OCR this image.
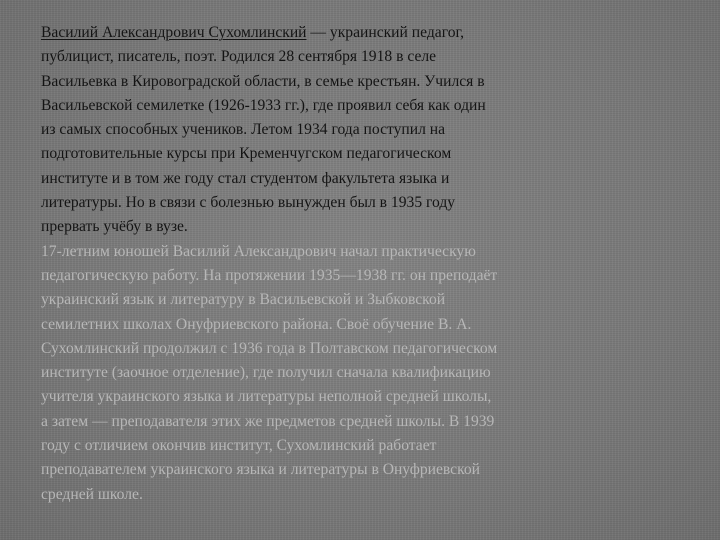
Василий Александрович Сухомлинский — украинский педагог,
публицист, писатель, поэт. Родился 28 сентября 1918 в селе
Васильевка в Кировоградской области, в семье крестьян. Учился в
Васильевской семилетке (1926-1933 гг.), где проявил себя как один
из самых способных учеников. Летом 1934 года поступил на
подготовительные курсы при Кременчугском педагогическом
институте и в том же году стал студентом факультета языка и
литературы. Но в связи с болезнью вынужден был в 1935 году
прервать учёбу в вузе.
17-летним юношей Василий Александрович начал практическую
педагогическую работу. На протяжении 1935—1938 гг. он преподаёт
украинский язык и литературу в Васильевской и Зыбковской
семилетних школах Онуфриевского района. Своё обучение В. А.
Сухомлинский продолжил с 1936 года в Полтавском педагогическом
институте (заочное отделение), где получил сначала квалификацию
учителя украинского языка и литературы неполной средней школы,
а затем — преподавателя этих же предметов средней школы. В 1939
году с отличием окончив институт, Сухомлинский работает
преподавателем украинского языка и литературы в Онуфриевской
средней школе.
